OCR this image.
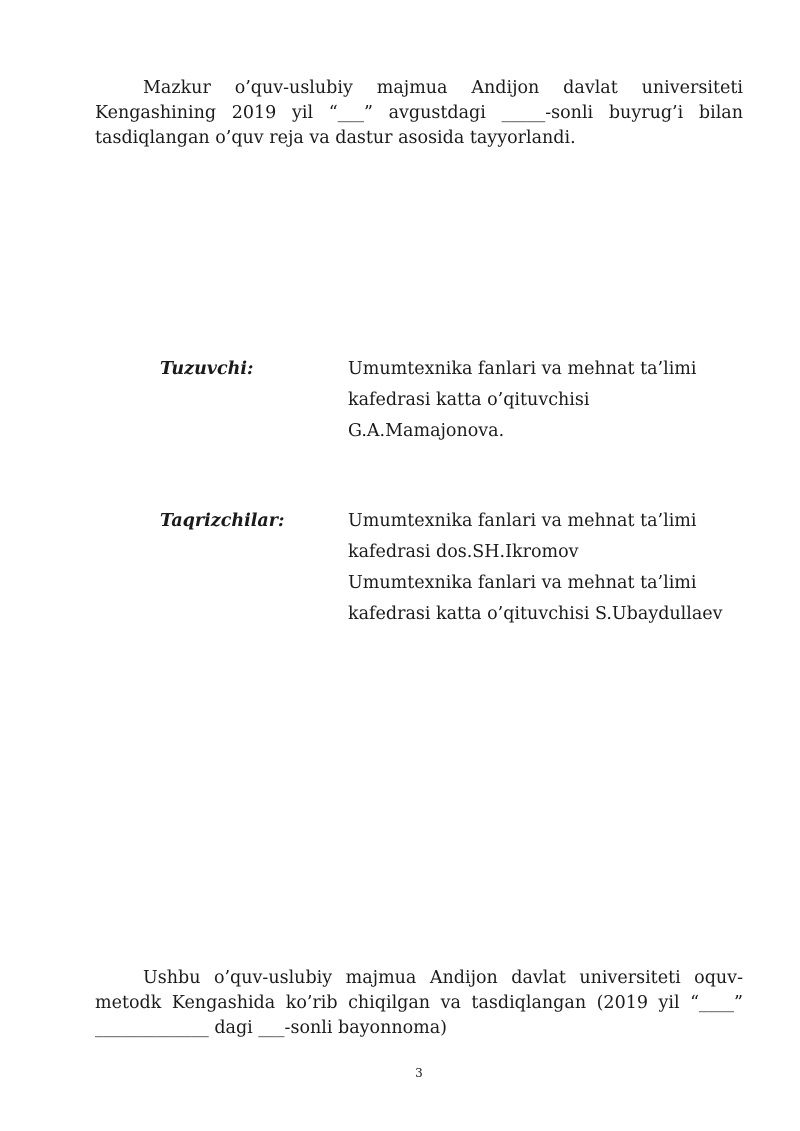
Mazkur o’quv-uslubiy majmua Andijon davlat universiteti Kengashining 2019 yil “___” avgustdagi _____-sonli buyrug’i bilan tasdiqlangan o’quv reja va dastur asosida tayyorlandi.

Tuzuvchi:	Umumtexnika fanlari va mehnat ta’limi
kafedrasi katta o’qituvchisi
G.A.Mamajonova.

Taqrizchilar:	Umumtexnika fanlari va mehnat ta’limi
kafedrasi dos.SH.Ikromov
Umumtexnika fanlari va mehnat ta’limi
kafedrasi katta o’qituvchisi S.Ubaydullaev

Ushbu o’quv-uslubiy majmua Andijon davlat universiteti oquv-metodk Kengashida ko’rib chiqilgan va tasdiqlangan (2019 yil “____” _____________ dagi ___-sonli bayonnoma)

3
